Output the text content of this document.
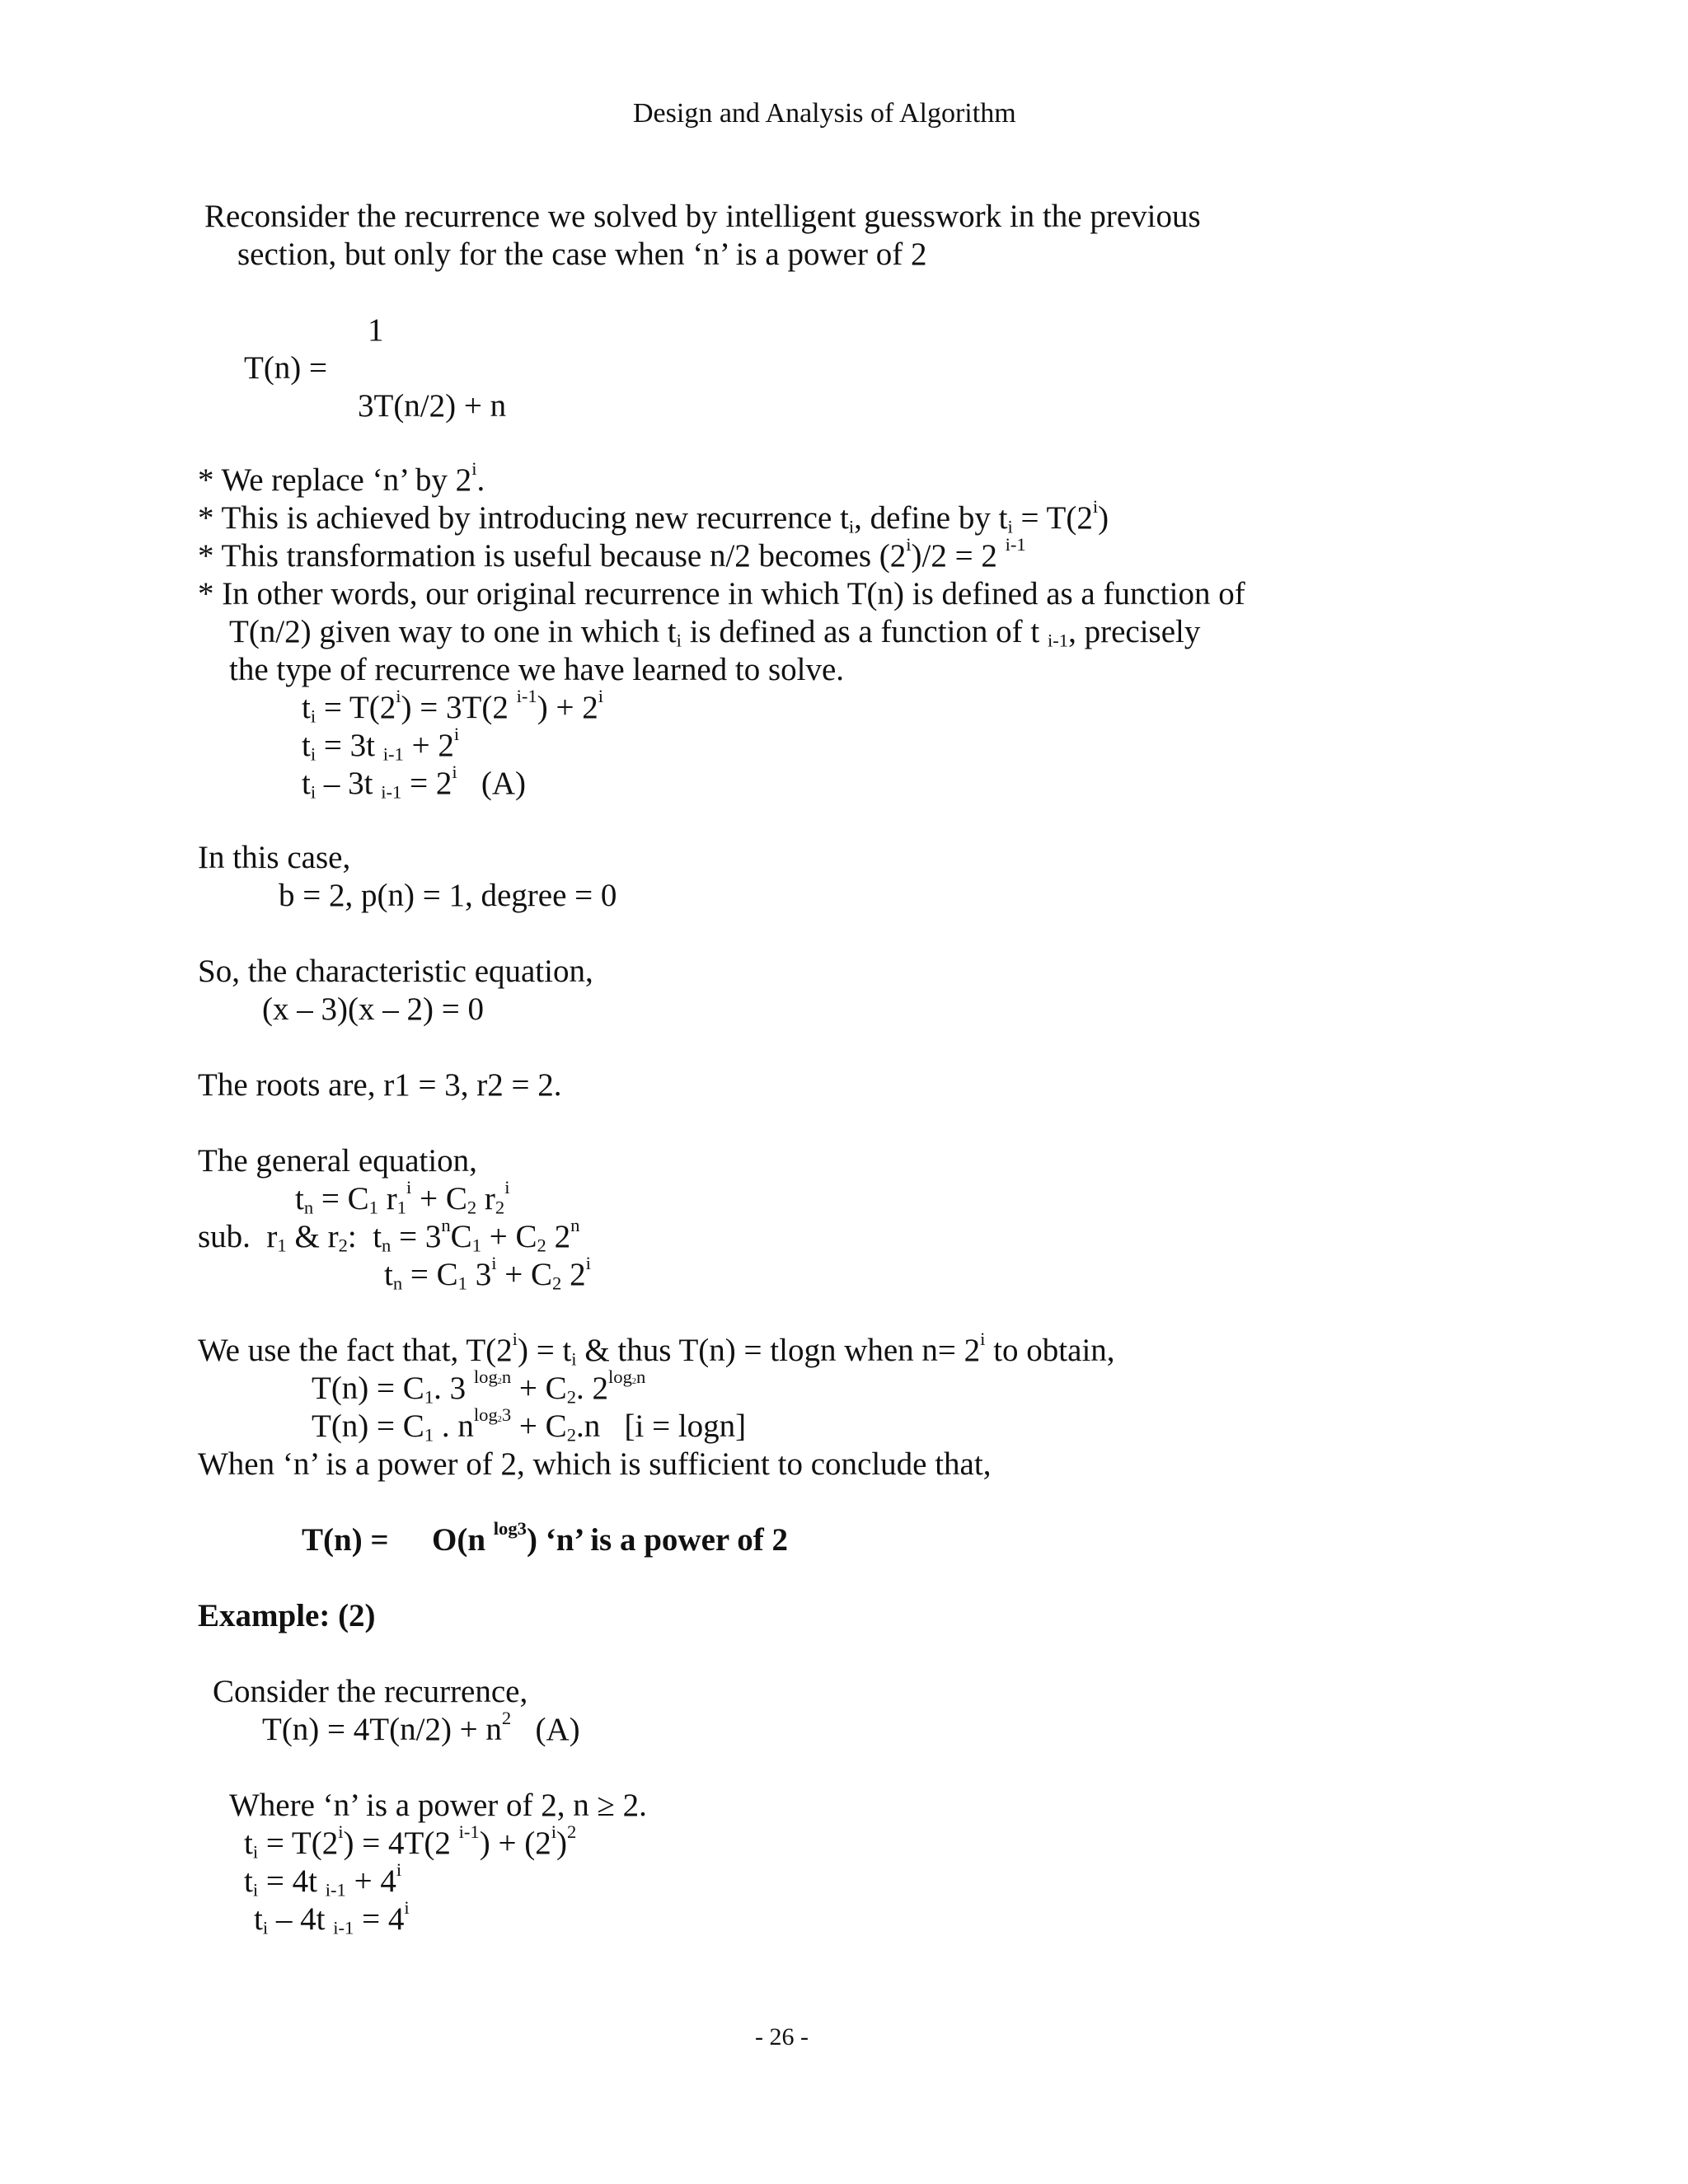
Design and Analysis of Algorithm
Reconsider the recurrence we solved by intelligent guesswork in the previous
section, but only for the case when ‘n’ is a power of 2
1
T(n) =
3T(n/2) + n
* We replace ‘n’ by 2$^i$.
* This is achieved by introducing new recurrence $t_i$, define by $t_i = T(2^i)$
* This transformation is useful because n/2 becomes $(2^i)/2 = 2$ $^{i-1}$
* In other words, our original recurrence in which T(n) is defined as a function of
T(n/2) given way to one in which $t_i$ is defined as a function of t $_{i-1}$, precisely
the type of recurrence we have learned to solve.
$t_i = T(2^i) = 3T(2$ $^{i-1}) + 2^i$
$t_i = 3t$ $_{i-1} + 2^i$
$t_i - 3t$ $_{i-1} = 2^i$   (A)
In this case,
b = 2, p(n) = 1, degree = 0
So, the characteristic equation,
(x – 3)(x – 2) = 0
The roots are, r1 = 3, r2 = 2.
The general equation,
$t_n = C_1$ $r_1^i + C_2$ $r_2^i$
sub.  $r_1$ & $r_2$:  $t_n = 3^nC_1 + C_2$ 2$^n$
$t_n = C_1$ $3^i + C_2$ 2$^i$
We use the fact that, $T(2^i) = t_i$ & thus T(n) = tlogn when $n= 2^i$ to obtain,
$T(n) = C_1$. 3 $^{log2n} + C_2$. $2^{log2n}$
$T(n) = C_1$ . $n^{log23} + C_2.n$   [i = logn]
When ‘n’ is a power of 2, which is sufficient to conclude that,
T(n) = O(n $^{log3}$) ‘n’ is a power of 2
Example: (2)
Consider the recurrence,
$T(n) = 4T(n/2) + n^2$   (A)
Where ‘n’ is a power of 2, n ≥ 2.
$t_i = T(2^i) = 4T(2$ $^{i-1}) + (2^i)^2$
$t_i = 4t$ $_{i-1} + 4^i$
$t_i - 4t$ $_{i-1} = 4^i$
- 26 -
